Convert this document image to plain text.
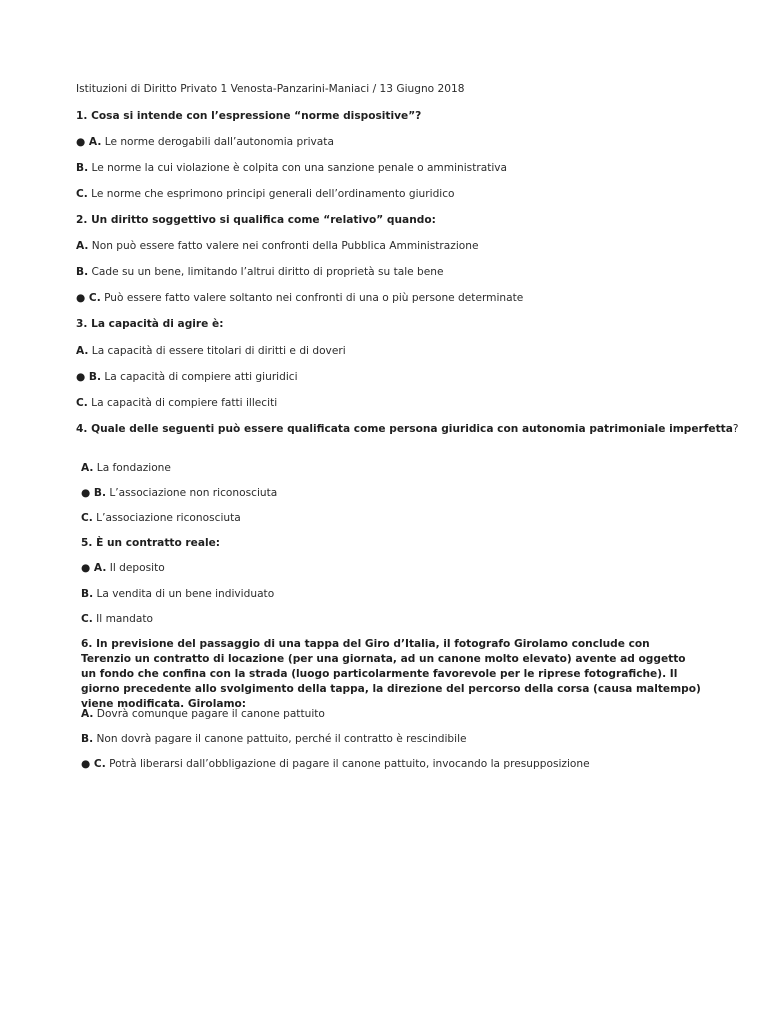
Istituzioni di Diritto Privato 1 Venosta-Panzarini-Maniaci / 13 Giugno 2018
1. Cosa si intende con l’espressione “norme dispositive”?
● A. Le norme derogabili dall’autonomia privata
B. Le norme la cui violazione è colpita con una sanzione penale o amministrativa
C. Le norme che esprimono principi generali dell’ordinamento giuridico
2. Un diritto soggettivo si qualifica come “relativo” quando:
A. Non può essere fatto valere nei confronti della Pubblica Amministrazione
B. Cade su un bene, limitando l’altrui diritto di proprietà su tale bene
● C. Può essere fatto valere soltanto nei confronti di una o più persone determinate
3. La capacità di agire è:
A. La capacità di essere titolari di diritti e di doveri
● B. La capacità di compiere atti giuridici
C. La capacità di compiere fatti illeciti
4. Quale delle seguenti può essere qualificata come persona giuridica con autonomia patrimoniale imperfetta?
A. La fondazione
● B. L’associazione non riconosciuta
C. L’associazione riconosciuta
5. È un contratto reale:
● A. Il deposito
B. La vendita di un bene individuato
C. Il mandato
6. In previsione del passaggio di una tappa del Giro d’Italia, il fotografo Girolamo conclude con Terenzio un contratto di locazione (per una giornata, ad un canone molto elevato) avente ad oggetto un fondo che confina con la strada (luogo particolarmente favorevole per le riprese fotografiche). Il giorno precedente allo svolgimento della tappa, la direzione del percorso della corsa (causa maltempo) viene modificata. Girolamo:
A. Dovrà comunque pagare il canone pattuito
B. Non dovrà pagare il canone pattuito, perché il contratto è rescindibile
● C. Potrà liberarsi dall’obbligazione di pagare il canone pattuito, invocando la presupposizione
